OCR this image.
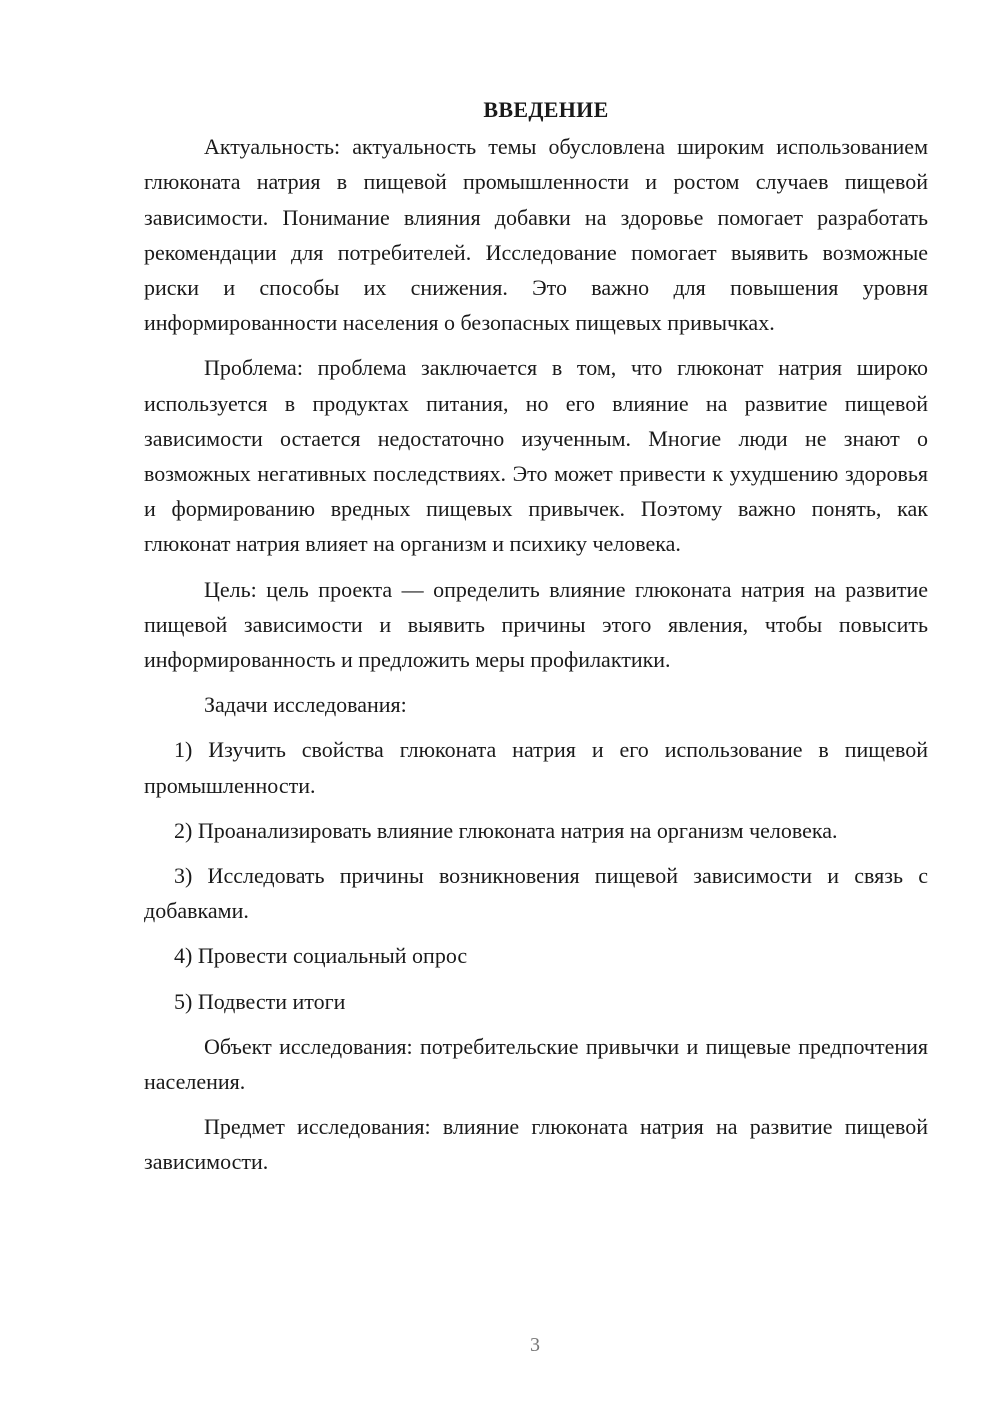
ВВЕДЕНИЕ

Актуальность: актуальность темы обусловлена широким использованием глюконата натрия в пищевой промышленности и ростом случаев пищевой зависимости. Понимание влияния добавки на здоровье помогает разработать рекомендации для потребителей. Исследование помогает выявить возможные риски и способы их снижения. Это важно для повышения уровня информированности населения о безопасных пищевых привычках.

Проблема: проблема заключается в том, что глюконат натрия широко используется в продуктах питания, но его влияние на развитие пищевой зависимости остается недостаточно изученным. Многие люди не знают о возможных негативных последствиях. Это может привести к ухудшению здоровья и формированию вредных пищевых привычек. Поэтому важно понять, как глюконат натрия влияет на организм и психику человека.

Цель: цель проекта — определить влияние глюконата натрия на развитие пищевой зависимости и выявить причины этого явления, чтобы повысить информированность и предложить меры профилактики.

Задачи исследования:

1) Изучить свойства глюконата натрия и его использование в пищевой промышленности.

2) Проанализировать влияние глюконата натрия на организм человека.

3) Исследовать причины возникновения пищевой зависимости и связь с добавками.

4) Провести социальный опрос

5) Подвести итоги

Объект исследования: потребительские привычки и пищевые предпочтения населения.

Предмет исследования: влияние глюконата натрия на развитие пищевой зависимости.

3
